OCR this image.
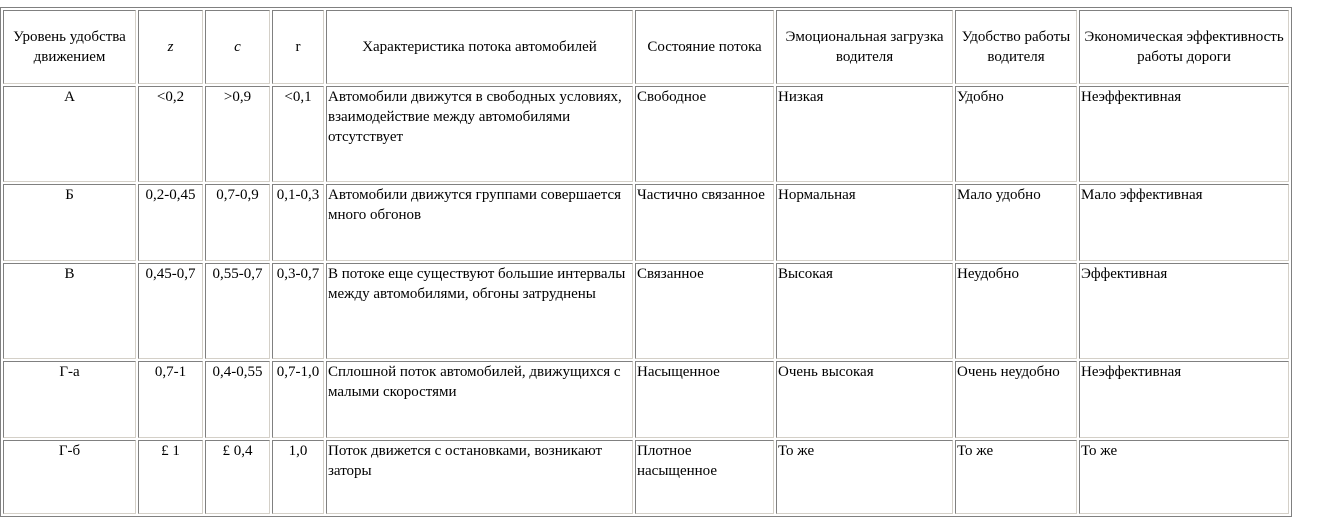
Уровень удобства движением	z	c	r	Характеристика потока автомобилей	Состояние потока	Эмоциональная загрузка водителя	Удобство работы водителя	Экономическая эффективность работы дороги
А	<0,2	>0,9	<0,1	Автомобили движутся в свободных условиях, взаимодействие между автомобилями отсутствует	Свободное	Низкая	Удобно	Неэффективная
Б	0,2-0,45	0,7-0,9	0,1-0,3	Автомобили движутся группами совершается много обгонов	Частично связанное	Нормальная	Мало удобно	Мало эффективная
В	0,45-0,7	0,55-0,7	0,3-0,7	В потоке еще существуют большие интервалы между автомобилями, обгоны затруднены	Связанное	Высокая	Неудобно	Эффективная
Г-а	0,7-1	0,4-0,55	0,7-1,0	Сплошной поток автомобилей, движущихся с малыми скоростями	Насыщенное	Очень высокая	Очень неудобно	Неэффективная
Г-б	£ 1	£ 0,4	1,0	Поток движется с остановками, возникают заторы	Плотное насыщенное	То же	То же	То же
